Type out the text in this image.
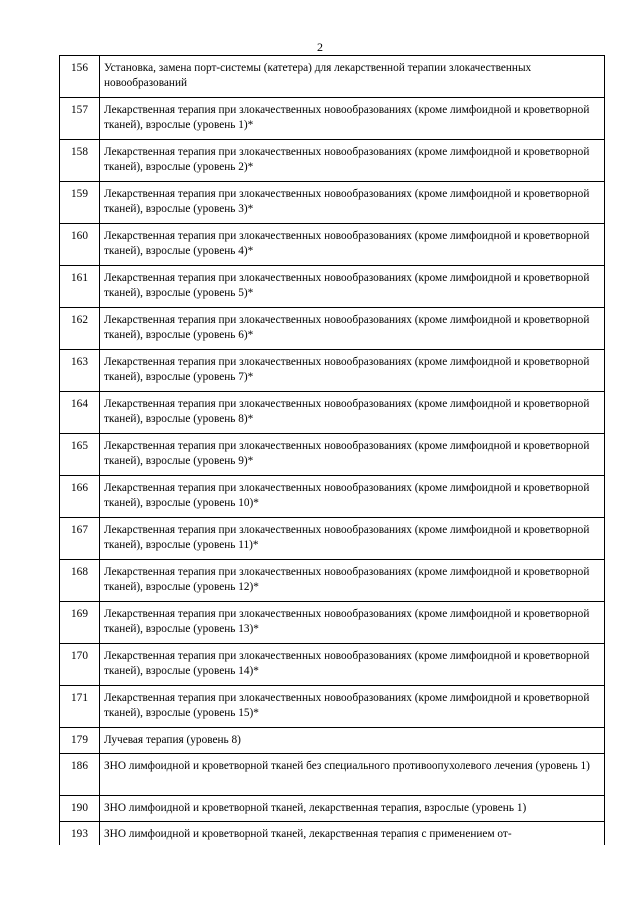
2
156	Установка, замена порт-системы (катетера) для лекарственной терапии злокачественных новообразований
157	Лекарственная терапия при злокачественных новообразованиях (кроме лимфоидной и кроветворной тканей), взрослые (уровень 1)*
158	Лекарственная терапия при злокачественных новообразованиях (кроме лимфоидной и кроветворной тканей), взрослые (уровень 2)*
159	Лекарственная терапия при злокачественных новообразованиях (кроме лимфоидной и кроветворной тканей), взрослые (уровень 3)*
160	Лекарственная терапия при злокачественных новообразованиях (кроме лимфоидной и кроветворной тканей), взрослые (уровень 4)*
161	Лекарственная терапия при злокачественных новообразованиях (кроме лимфоидной и кроветворной тканей), взрослые (уровень 5)*
162	Лекарственная терапия при злокачественных новообразованиях (кроме лимфоидной и кроветворной тканей), взрослые (уровень 6)*
163	Лекарственная терапия при злокачественных новообразованиях (кроме лимфоидной и кроветворной тканей), взрослые (уровень 7)*
164	Лекарственная терапия при злокачественных новообразованиях (кроме лимфоидной и кроветворной тканей), взрослые (уровень 8)*
165	Лекарственная терапия при злокачественных новообразованиях (кроме лимфоидной и кроветворной тканей), взрослые (уровень 9)*
166	Лекарственная терапия при злокачественных новообразованиях (кроме лимфоидной и кроветворной тканей), взрослые (уровень 10)*
167	Лекарственная терапия при злокачественных новообразованиях (кроме лимфоидной и кроветворной тканей), взрослые (уровень 11)*
168	Лекарственная терапия при злокачественных новообразованиях (кроме лимфоидной и кроветворной тканей), взрослые (уровень 12)*
169	Лекарственная терапия при злокачественных новообразованиях (кроме лимфоидной и кроветворной тканей), взрослые (уровень 13)*
170	Лекарственная терапия при злокачественных новообразованиях (кроме лимфоидной и кроветворной тканей), взрослые (уровень 14)*
171	Лекарственная терапия при злокачественных новообразованиях (кроме лимфоидной и кроветворной тканей), взрослые (уровень 15)*
179	Лучевая терапия (уровень 8)
186	ЗНО лимфоидной и кроветворной тканей без специального противоопухолевого лечения (уровень 1)
190	ЗНО лимфоидной и кроветворной тканей, лекарственная терапия, взрослые (уровень 1)
193	ЗНО лимфоидной и кроветворной тканей, лекарственная терапия с применением от-
